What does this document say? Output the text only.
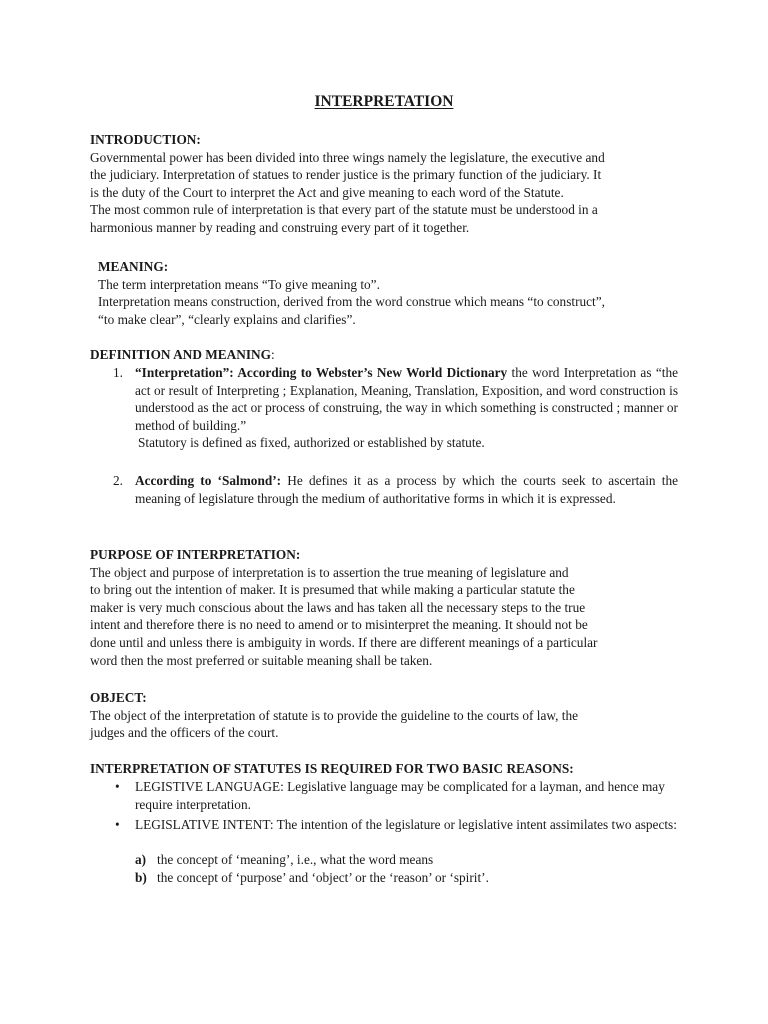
INTERPRETATION

INTRODUCTION:

Governmental power has been divided into three wings namely the legislature, the executive and

the judiciary. Interpretation of statues to render justice is the primary function of the judiciary. It

is the duty of the Court to interpret the Act and give meaning to each word of the Statute.

The most common rule of interpretation is that every part of the statute must be understood in a

harmonious manner by reading and construing every part of it together.

MEANING:

The term interpretation means “To give meaning to”.

Interpretation means construction, derived from the word construe which means “to construct”,

“to make clear”, “clearly explains and clarifies”.

DEFINITION AND MEANING:

1. “Interpretation”: According to Webster’s New World Dictionary the word Interpretation as “the act or result of Interpreting ; Explanation, Meaning, Translation, Exposition, and word construction is understood as the act or process of construing, the way in which something is constructed ; manner or method of building.”
Statutory is defined as fixed, authorized or established by statute.
2. According to ‘Salmond’: He defines it as a process by which the courts seek to ascertain the meaning of legislature through the medium of authoritative forms in which it is expressed.

PURPOSE OF INTERPRETATION:

The object and purpose of interpretation is to assertion the true meaning of legislature and

to bring out the intention of maker. It is presumed that while making a particular statute the

maker is very much conscious about the laws and has taken all the necessary steps to the true

intent and therefore there is no need to amend or to misinterpret the meaning. It should not be

done until and unless there is ambiguity in words. If there are different meanings of a particular

word then the most preferred or suitable meaning shall be taken.

OBJECT:

The object of the interpretation of statute is to provide the guideline to the courts of law, the

judges and the officers of the court.

INTERPRETATION OF STATUTES IS REQUIRED FOR TWO BASIC REASONS:

• LEGISTIVE LANGUAGE: Legislative language may be complicated for a layman, and hence may require interpretation.
• LEGISLATIVE INTENT: The intention of the legislature or legislative intent assimilates two aspects:
a) the concept of ‘meaning’, i.e., what the word means
b) the concept of ‘purpose’ and ‘object’ or the ‘reason’ or ‘spirit’.
